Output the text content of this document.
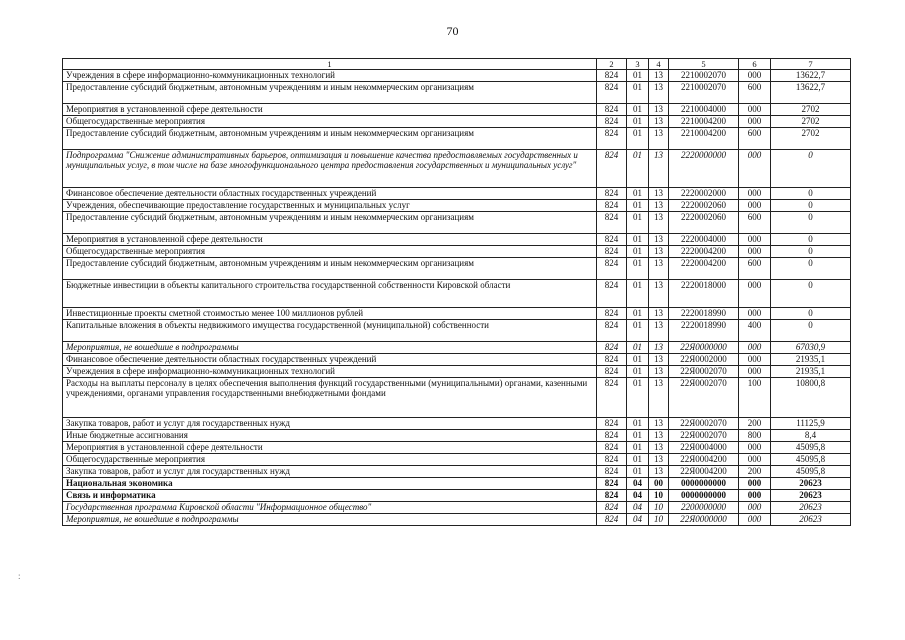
70
:
1	2	3	4	5	6	7
Учреждения в сфере информационно-коммуникационных технологий	824	01	13	2210002070	000	13622,7
Предоставление субсидий бюджетным, автономным учреждениям и иным некоммерческим организациям	824	01	13	2210002070	600	13622,7
Мероприятия в установленной сфере деятельности	824	01	13	2210004000	000	2702
Общегосударственные мероприятия	824	01	13	2210004200	000	2702
Предоставление субсидий бюджетным, автономным учреждениям и иным некоммерческим организациям	824	01	13	2210004200	600	2702
Подпрограмма "Снижение административных барьеров, оптимизация и повышение качества предоставляемых государственных и муниципальных услуг, в том числе на базе многофункционального центра предоставления государственных и муниципальных услуг"	824	01	13	2220000000	000	0
Финансовое обеспечение деятельности областных государственных учреждений	824	01	13	2220002000	000	0
Учреждения, обеспечивающие предоставление государственных и муниципальных услуг	824	01	13	2220002060	000	0
Предоставление субсидий бюджетным, автономным учреждениям и иным некоммерческим организациям	824	01	13	2220002060	600	0
Мероприятия в установленной сфере деятельности	824	01	13	2220004000	000	0
Общегосударственные мероприятия	824	01	13	2220004200	000	0
Предоставление субсидий бюджетным, автономным учреждениям и иным некоммерческим организациям	824	01	13	2220004200	600	0
Бюджетные инвестиции в объекты капитального строительства государственной собственности Кировской области	824	01	13	2220018000	000	0
Инвестиционные проекты сметной стоимостью менее 100 миллионов рублей	824	01	13	2220018990	000	0
Капитальные вложения в объекты недвижимого имущества государственной (муниципальной) собственности	824	01	13	2220018990	400	0
Мероприятия, не вошедшие в подпрограммы	824	01	13	22Я0000000	000	67030,9
Финансовое обеспечение деятельности областных государственных учреждений	824	01	13	22Я0002000	000	21935,1
Учреждения в сфере информационно-коммуникационных технологий	824	01	13	22Я0002070	000	21935,1
Расходы на выплаты персоналу в целях обеспечения выполнения функций государственными (муниципальными) органами, казенными учреждениями, органами управления государственными внебюджетными фондами	824	01	13	22Я0002070	100	10800,8
Закупка товаров, работ и услуг для государственных нужд	824	01	13	22Я0002070	200	11125,9
Иные бюджетные ассигнования	824	01	13	22Я0002070	800	8,4
Мероприятия в установленной сфере деятельности	824	01	13	22Я0004000	000	45095,8
Общегосударственные мероприятия	824	01	13	22Я0004200	000	45095,8
Закупка товаров, работ и услуг для государственных нужд	824	01	13	22Я0004200	200	45095,8
Национальная экономика	824	04	00	0000000000	000	20623
Связь и информатика	824	04	10	0000000000	000	20623
Государственная программа Кировской области "Информационное общество"	824	04	10	2200000000	000	20623
Мероприятия, не вошедшие в подпрограммы	824	04	10	22Я0000000	000	20623
